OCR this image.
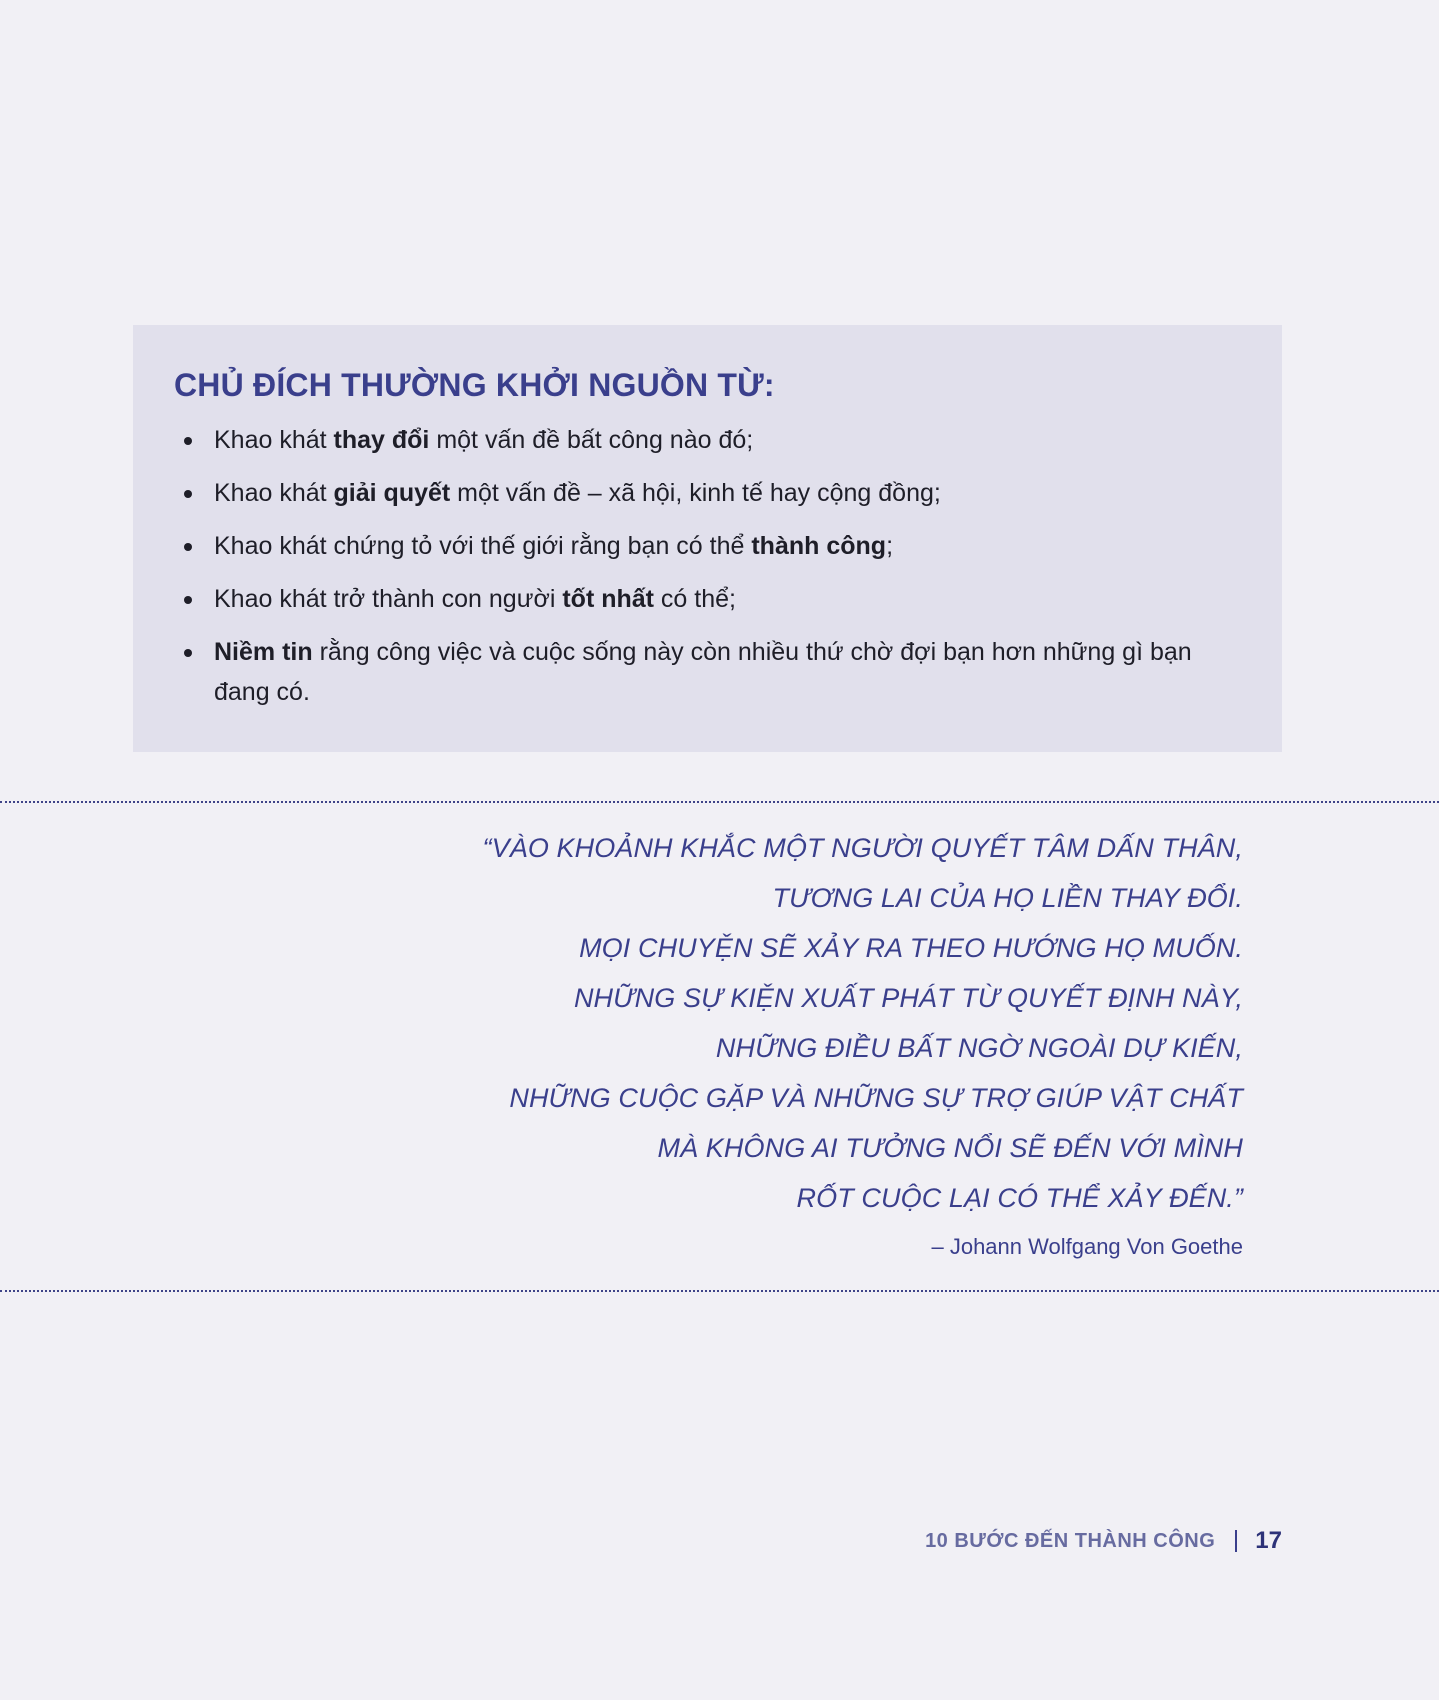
CHỦ ĐÍCH THƯỜNG KHỞI NGUỒN TỪ:
Khao khát thay đổi một vấn đề bất công nào đó;
Khao khát giải quyết một vấn đề – xã hội, kinh tế hay cộng đồng;
Khao khát chứng tỏ với thế giới rằng bạn có thể thành công;
Khao khát trở thành con người tốt nhất có thể;
Niềm tin rằng công việc và cuộc sống này còn nhiều thứ chờ đợi bạn hơn những gì bạn đang có.
“VÀO KHOẢNH KHẮC MỘT NGƯỜI QUYẾT TÂM DẤN THÂN,
TƯƠNG LAI CỦA HỌ LIỀN THAY ĐỔI.
MỌI CHUYỆN SẼ XẢY RA THEO HƯỚNG HỌ MUỐN.
NHỮNG SỰ KIỆN XUẤT PHÁT TỪ QUYẾT ĐỊNH NÀY,
NHỮNG ĐIỀU BẤT NGỜ NGOÀI DỰ KIẾN,
NHỮNG CUỘC GẶP VÀ NHỮNG SỰ TRỢ GIÚP VẬT CHẤT
MÀ KHÔNG AI TƯỞNG NỔI SẼ ĐẾN VỚI MÌNH
RỐT CUỘC LẠI CÓ THỂ XẢY ĐẾN.”
– Johann Wolfgang Von Goethe
10 BƯỚC ĐẾN THÀNH CÔNG 17
